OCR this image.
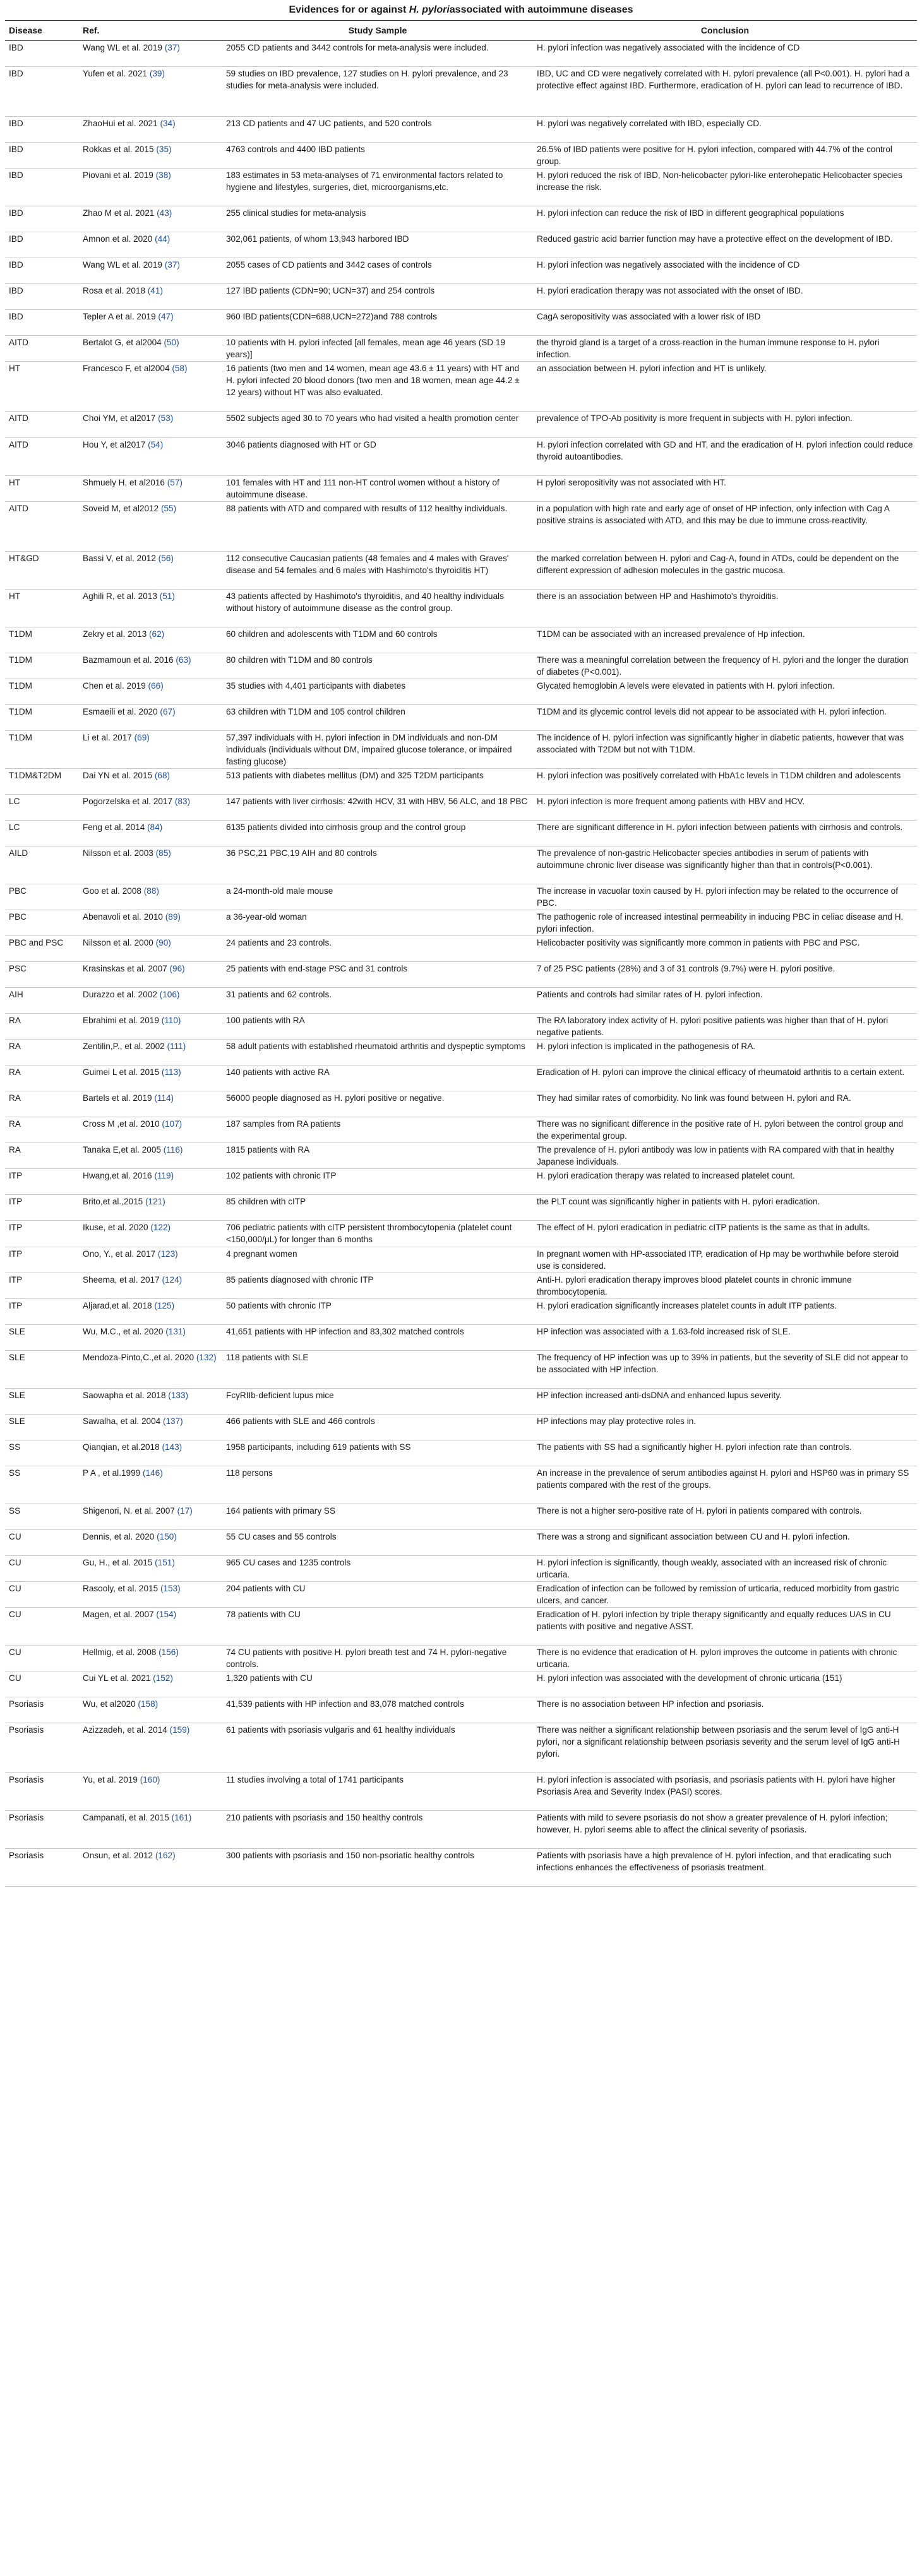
Evidences for or against
H. pylori associated with autoimmune diseases
Disease	Ref.	Study Sample	Conclusion
IBD	Wang WL et al. 2019 (37)	2055 CD patients and 3442 controls for meta-analysis were included.	H. pylori infection was negatively associated with the incidence of CD
IBD	Yufen et al. 2021 (39)	59 studies on IBD prevalence, 127 studies on H. pylori prevalence, and 23 studies for meta-analysis were included.	IBD, UC and CD were negatively correlated with H. pylori prevalence (all P<0.001). H. pylori had a protective effect against IBD. Furthermore, eradication of H. pylori can lead to recurrence of IBD.
IBD	ZhaoHui et al. 2021 (34)	213 CD patients and 47 UC patients, and 520 controls	H. pylori was negatively correlated with IBD, especially CD.
IBD	Rokkas et al. 2015 (35)	4763 controls and 4400 IBD patients	26.5% of IBD patients were positive for H. pylori infection, compared with 44.7% of the control group.
IBD	Piovani et al. 2019 (38)	183 estimates in 53 meta-analyses of 71 environmental factors related to hygiene and lifestyles, surgeries, diet, microorganisms,etc.	H. pylori reduced the risk of IBD, Non-helicobacter pylori-like enterohepatic Helicobacter species increase the risk.
IBD	Zhao M et al. 2021 (43)	255 clinical studies for meta-analysis	H. pylori infection can reduce the risk of IBD in different geographical populations
IBD	Amnon et al. 2020 (44)	302,061 patients, of whom 13,943 harbored IBD	Reduced gastric acid barrier function may have a protective effect on the development of IBD.
IBD	Wang WL et al. 2019 (37)	2055 cases of CD patients and 3442 cases of controls	H. pylori infection was negatively associated with the incidence of CD
IBD	Rosa et al. 2018 (41)	127 IBD patients (CDN=90; UCN=37) and 254 controls	H. pylori eradication therapy was not associated with the onset of IBD.
IBD	Tepler A et al. 2019 (47)	960 IBD patients(CDN=688,UCN=272)and 788 controls	CagA seropositivity was associated with a lower risk of IBD
AITD	Bertalot G, et al2004 (50)	10 patients with H. pylori infected [all females, mean age 46 years (SD 19 years)]	the thyroid gland is a target of a cross-reaction in the human immune response to H. pylori infection.
HT	Francesco F, et al2004 (58)	16 patients (two men and 14 women, mean age 43.6 ± 11 years) with HT and H. pylori infected 20 blood donors (two men and 18 women, mean age 44.2 ± 12 years) without HT was also evaluated.	an association between H. pylori infection and HT is unlikely.
AITD	Choi YM, et al2017 (53)	5502 subjects aged 30 to 70 years who had visited a health promotion center	prevalence of TPO-Ab positivity is more frequent in subjects with H. pylori infection.
AITD	Hou Y, et al2017 (54)	3046 patients diagnosed with HT or GD	H. pylori infection correlated with GD and HT, and the eradication of H. pylori infection could reduce thyroid autoantibodies.
HT	Shmuely H, et al2016 (57)	101 females with HT and 111 non-HT control women without a history of autoimmune disease.	H pylori seropositivity was not associated with HT.
AITD	Soveid M, et al2012 (55)	88 patients with ATD and compared with results of 112 healthy individuals.	in a population with high rate and early age of onset of HP infection, only infection with Cag A positive strains is associated with ATD, and this may be due to immune cross-reactivity.
HT&GD	Bassi V, et al. 2012 (56)	112 consecutive Caucasian patients (48 females and 4 males with Graves' disease and 54 females and 6 males with Hashimoto's thyroiditis HT)	the marked correlation between H. pylori and Cag-A, found in ATDs, could be dependent on the different expression of adhesion molecules in the gastric mucosa.
HT	Aghili R, et al. 2013 (51)	43 patients affected by Hashimoto's thyroiditis, and 40 healthy individuals without history of autoimmune disease as the control group.	there is an association between HP and Hashimoto's thyroiditis.
T1DM	Zekry et al. 2013 (62)	60 children and adolescents with T1DM and 60 controls	T1DM can be associated with an increased prevalence of Hp infection.
T1DM	Bazmamoun et al. 2016 (63)	80 children with T1DM and 80 controls	There was a meaningful correlation between the frequency of H. pylori and the longer the duration of diabetes (P<0.001).
T1DM	Chen et al. 2019 (66)	35 studies with 4,401 participants with diabetes	Glycated hemoglobin A levels were elevated in patients with H. pylori infection.
T1DM	Esmaeili et al. 2020 (67)	63 children with T1DM and 105 control children	T1DM and its glycemic control levels did not appear to be associated with H. pylori infection.
T1DM	Li et al. 2017 (69)	57,397 individuals with H. pylori infection in DM individuals and non-DM individuals (individuals without DM, impaired glucose tolerance, or impaired fasting glucose)	The incidence of H. pylori infection was significantly higher in diabetic patients, however that was associated with T2DM but not with T1DM.
T1DM&T2DM	Dai YN et al. 2015 (68)	513 patients with diabetes mellitus (DM) and 325 T2DM participants	H. pylori infection was positively correlated with HbA1c levels in T1DM children and adolescents
LC	Pogorzelska et al. 2017 (83)	147 patients with liver cirrhosis: 42with HCV, 31 with HBV, 56 ALC, and 18 PBC	H. pylori infection is more frequent among patients with HBV and HCV.
LC	Feng et al. 2014 (84)	6135 patients divided into cirrhosis group and the control group	There are significant difference in H. pylori infection between patients with cirrhosis and controls.
AILD	Nilsson et al. 2003 (85)	36 PSC,21 PBC,19 AIH and 80 controls	The prevalence of non-gastric Helicobacter species antibodies in serum of patients with autoimmune chronic liver disease was significantly higher than that in controls(P<0.001).
PBC	Goo et al. 2008 (88)	a 24-month-old male mouse	The increase in vacuolar toxin caused by H. pylori infection may be related to the occurrence of PBC.
PBC	Abenavoli et al. 2010 (89)	a 36-year-old woman	The pathogenic role of increased intestinal permeability in inducing PBC in celiac disease and H. pylori infection.
PBC and PSC	Nilsson et al. 2000 (90)	24 patients and 23 controls.	Helicobacter positivity was significantly more common in patients with PBC and PSC.
PSC	Krasinskas et al. 2007 (96)	25 patients with end-stage PSC and 31 controls	7 of 25 PSC patients (28%) and 3 of 31 controls (9.7%) were H. pylori positive.
AIH	Durazzo et al. 2002 (106)	31 patients and 62 controls.	Patients and controls had similar rates of H. pylori infection.
RA	Ebrahimi et al. 2019 (110)	100 patients with RA	The RA laboratory index activity of H. pylori positive patients was higher than that of H. pylori negative patients.
RA	Zentilin,P., et al. 2002 (111)	58 adult patients with established rheumatoid arthritis and dyspeptic symptoms	H. pylori infection is implicated in the pathogenesis of RA.
RA	Guimei L et al. 2015 (113)	140 patients with active RA	Eradication of H. pylori can improve the clinical efficacy of rheumatoid arthritis to a certain extent.
RA	Bartels et al. 2019 (114)	56000 people diagnosed as H. pylori positive or negative.	They had similar rates of comorbidity. No link was found between H. pylori and RA.
RA	Cross M ,et al. 2010 (107)	187 samples from RA patients	There was no significant difference in the positive rate of H. pylori between the control group and the experimental group.
RA	Tanaka E,et al. 2005 (116)	1815 patients with RA	The prevalence of H. pylori antibody was low in patients with RA compared with that in healthy Japanese individuals.
ITP	Hwang,et al. 2016 (119)	102 patients with chronic ITP	H. pylori eradication therapy was related to increased platelet count.
ITP	Brito,et al.,2015 (121)	85 children with cITP	the PLT count was significantly higher in patients with H. pylori eradication.
ITP	Ikuse, et al. 2020 (122)	706 pediatric patients with cITP persistent thrombocytopenia (platelet count <150,000/μL) for longer than 6 months	The effect of H. pylori eradication in pediatric cITP patients is the same as that in adults.
ITP	Ono, Y., et al. 2017 (123)	4 pregnant women	In pregnant women with HP-associated ITP, eradication of Hp may be worthwhile before steroid use is considered.
ITP	Sheema, et al. 2017 (124)	85 patients diagnosed with chronic ITP	Anti-H. pylori eradication therapy improves blood platelet counts in chronic immune thrombocytopenia.
ITP	Aljarad,et al. 2018 (125)	50 patients with chronic ITP	H. pylori eradication significantly increases platelet counts in adult ITP patients.
SLE	Wu, M.C., et al. 2020 (131)	41,651 patients with HP infection and 83,302 matched controls	HP infection was associated with a 1.63-fold increased risk of SLE.
SLE	Mendoza-Pinto,C.,et al. 2020 (132)	118 patients with SLE	The frequency of HP infection was up to 39% in patients, but the severity of SLE did not appear to be associated with HP infection.
SLE	Saowapha et al. 2018 (133)	FcγRIIb-deficient lupus mice	HP infection increased anti-dsDNA and enhanced lupus severity.
SLE	Sawalha, et al. 2004 (137)	466 patients with SLE and 466 controls	HP infections may play protective roles in.
SS	Qianqian, et al.2018 (143)	1958 participants, including 619 patients with SS	The patients with SS had a significantly higher H. pylori infection rate than controls.
SS	P A , et al.1999 (146)	118 persons	An increase in the prevalence of serum antibodies against H. pylori and HSP60 was in primary SS patients compared with the rest of the groups.
SS	Shigenori, N. et al. 2007 (17)	164 patients with primary SS	There is not a higher sero-positive rate of H. pylori in patients compared with controls.
CU	Dennis, et al. 2020 (150)	55 CU cases and 55 controls	There was a strong and significant association between CU and H. pylori infection.
CU	Gu, H., et al. 2015 (151)	965 CU cases and 1235 controls	H. pylori infection is significantly, though weakly, associated with an increased risk of chronic urticaria.
CU	Rasooly, et al. 2015 (153)	204 patients with CU	Eradication of infection can be followed by remission of urticaria, reduced morbidity from gastric ulcers, and cancer.
CU	Magen, et al. 2007 (154)	78 patients with CU	Eradication of H. pylori infection by triple therapy significantly and equally reduces UAS in CU patients with positive and negative ASST.
CU	Hellmig, et al. 2008 (156)	74 CU patients with positive H. pylori breath test and 74 H. pylori-negative controls.	There is no evidence that eradication of H. pylori improves the outcome in patients with chronic urticaria.
CU	Cui YL et al. 2021 (152)	1,320 patients with CU	H. pylori infection was associated with the development of chronic urticaria (151)
Psoriasis	Wu, et al2020 (158)	41,539 patients with HP infection and 83,078 matched controls	There is no association between HP infection and psoriasis.
Psoriasis	Azizzadeh, et al. 2014 (159)	61 patients with psoriasis vulgaris and 61 healthy individuals	There was neither a significant relationship between psoriasis and the serum level of IgG anti-H pylori, nor a significant relationship between psoriasis severity and the serum level of IgG anti-H pylori.
Psoriasis	Yu, et al. 2019 (160)	11 studies involving a total of 1741 participants	H. pylori infection is associated with psoriasis, and psoriasis patients with H. pylori have higher Psoriasis Area and Severity Index (PASI) scores.
Psoriasis	Campanati, et al. 2015 (161)	210 patients with psoriasis and 150 healthy controls	Patients with mild to severe psoriasis do not show a greater prevalence of H. pylori infection; however, H. pylori seems able to affect the clinical severity of psoriasis.
Psoriasis	Onsun, et al. 2012 (162)	300 patients with psoriasis and 150 non-psoriatic healthy controls	Patients with psoriasis have a high prevalence of H. pylori infection, and that eradicating such infections enhances the effectiveness of psoriasis treatment.
